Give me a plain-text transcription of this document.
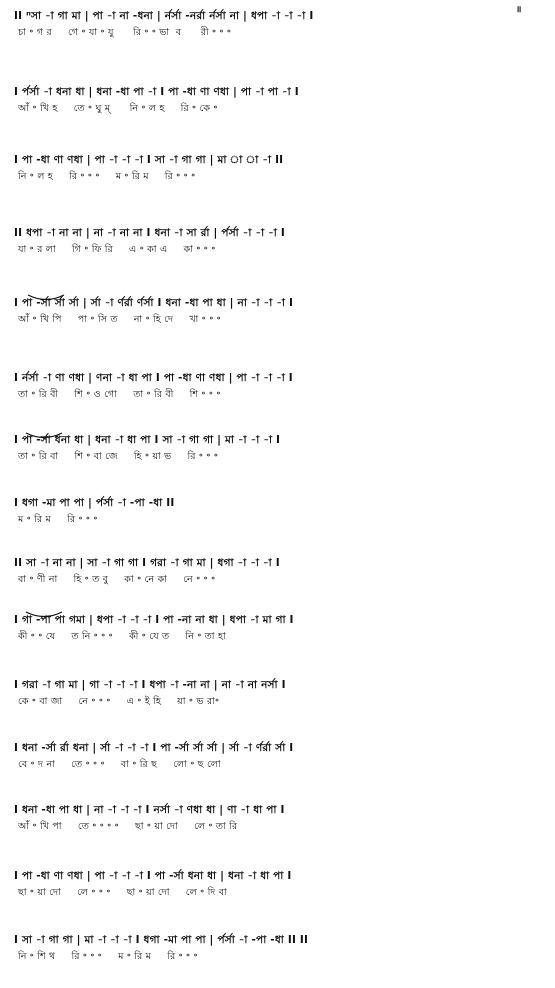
॥
II ⁿসা -া গা মা | পা -া না -ধনা | র্নর্সা -নর্রা র্নর্সা না | ধপা -া -া -া I
চা ॰ গ র     গে ॰ যা ॰ যু      রি ॰ ॰ ভা  ব      রী ॰ ॰ ॰
I র্পর্সা -া ধনা ধা | ধনা -ধা পা -া I পা -ধা ণা ণধা | পা -া পা -া I
আঁ ॰ খি হ     তে ॰ ঘু ম্      নি ॰ ল হ     রি ॰ কে ॰
I পা -ধা ণা ণধা | পা -া -া -া I সা -া গা গা | মা া া -া II
নি ॰ ল হ     রি ॰ ॰ ॰     ম ॰ রি ম     রি ॰ ॰ ॰
II ধপা -া না না | না -া না না I ধনা -া সা র্রা | র্পর্সা -া -া -া I
যা ॰ র লা     গি ॰ ফি রি     এ ॰ কা এ     কা ॰ ॰ ॰
I পা -র্সা র্সা র্সা | র্সা -া র্ণর্রা র্ণর্সা I ধনা -ধা পা ধা | না -া -া -া I
আঁ ॰ খি পি     পা ॰ সি ত     না ॰ হি দে     খা ॰ ॰ ॰
I র্নর্সা -া ণা ণধা | ণনা -া ধা পা I পা -ধা ণা ণধা | পা -া -া -া I
তা ॰ রি বী     শি ॰ ও গো     তা ॰ রি বী     শি ॰ ॰ ॰
I পা -র্সা ধনা ধা | ধনা -া ধা পা I সা -া গা গা | মা -া -া -া I
তা ॰ রি বা     শি ॰ বা জে     হি ॰ য়া ভ     রি ॰ ॰ ॰
I ধগা -মা পা পা | র্পর্সা -া -পা -ধা II
ম ॰ রি ম     রি ॰ ॰ ॰
II সা -া না না | সা -া গা গা I গরা -া গা মা | ধগা -া -া -া I
বা ॰ ণী না     হি ॰ ত বু     কা ॰ নে কা     নে ॰ ॰ ॰
I গা -পা পা গমা | ধপা -া -া -া I পা -না না ধা | ধপা -া মা গা I
কী ॰ ॰ যে     ত নি ॰ ॰ ॰     কী ॰ যে ত     নি ॰ তা হা
I গরা -া গা মা | গা -া -া -া I ধপা -া -না না | না -া না নর্সা I
কে ॰ বা জা     নে ॰ ॰ ॰     এ ॰ ই হি     য়া ॰ ভ রা॰
I ধনা -র্সা র্রা ধনা | র্সা -া -া -া I পা -র্সা র্সা র্সা | র্সা -া র্ণর্রা র্সা I
বে ॰ দ না     তে ॰ ॰ ॰     বা ॰ রি ছ     লো ॰ ছ লো
I ধনা -ধা পা ধা | না -া -া -া I নর্সা -া ণধা ধা | ণা -া ধা পা I
আঁ ॰ খি পা     তে ॰ ॰ ॰ ॰     ছা ॰ য়া দো     লে ॰ তা রি
I পা -ধা ণা ণধা | পা -া -া -া I পা -র্সা ধনা ধা | ধনা -া ধা পা I
ছা ॰ য়া দো     লে ॰ ॰ ॰     ছা ॰ য়া দো     লে ॰ দি বা
I সা -া গা গা | মা -া -া -া I ধগা -মা পা পা | র্পর্সা -া -পা -ধা II II
নি ॰ শি থ     রি ॰ ॰ ॰     ম ॰ রি ম     রি ॰ ॰ ॰
